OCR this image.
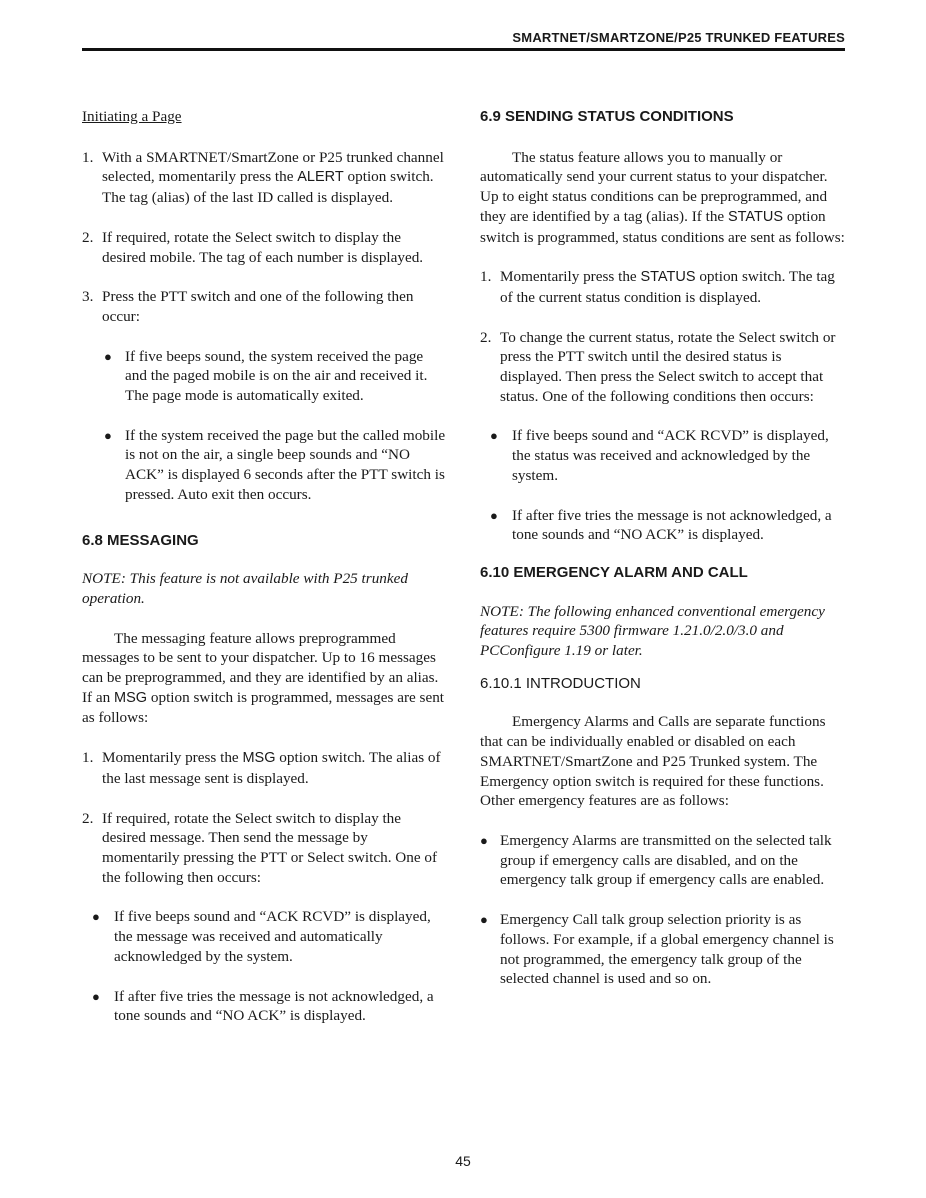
SMARTNET/SMARTZONE/P25 TRUNKED FEATURES

Initiating a Page

1. With a SMARTNET/SmartZone or P25 trunked channel selected, momentarily press the ALERT option switch. The tag (alias) of the last ID called is displayed.
2. If required, rotate the Select switch to display the desired mobile. The tag of each number is displayed.
3. Press the PTT switch and one of the following then occur:
● If five beeps sound, the system received the page and the paged mobile is on the air and received it. The page mode is automatically exited.
● If the system received the page but the called mobile is not on the air, a single beep sounds and “NO ACK” is displayed 6 seconds after the PTT switch is pressed. Auto exit then occurs.
6.8 MESSAGING

NOTE: This feature is not available with P25 trunked operation.

The messaging feature allows preprogrammed messages to be sent to your dispatcher. Up to 16 messages can be preprogrammed, and they are identified by an alias. If an MSG option switch is programmed, messages are sent as follows:

1. Momentarily press the MSG option switch. The alias of the last message sent is displayed.
2. If required, rotate the Select switch to display the desired message. Then send the message by momentarily pressing the PTT or Select switch. One of the following then occurs:
● If five beeps sound and “ACK RCVD” is displayed, the message was received and automatically acknowledged by the system.
● If after five tries the message is not acknowledged, a tone sounds and “NO ACK” is displayed.
6.9 SENDING STATUS CONDITIONS

The status feature allows you to manually or automatically send your current status to your dispatcher. Up to eight status conditions can be preprogrammed, and they are identified by a tag (alias). If the STATUS option switch is programmed, status conditions are sent as follows:

1. Momentarily press the STATUS option switch. The tag of the current status condition is displayed.
2. To change the current status, rotate the Select switch or press the PTT switch until the desired status is displayed. Then press the Select switch to accept that status. One of the following conditions then occurs:
● If five beeps sound and “ACK RCVD” is displayed, the status was received and acknowledged by the system.
● If after five tries the message is not acknowledged, a tone sounds and “NO ACK” is displayed.
6.10 EMERGENCY ALARM AND CALL

NOTE: The following enhanced conventional emergency features require 5300 firmware 1.21.0/2.0/3.0 and PCConfigure 1.19 or later.

6.10.1 INTRODUCTION

Emergency Alarms and Calls are separate functions that can be individually enabled or disabled on each SMARTNET/SmartZone and P25 Trunked system. The Emergency option switch is required for these functions. Other emergency features are as follows:

● Emergency Alarms are transmitted on the selected talk group if emergency calls are disabled, and on the emergency talk group if emergency calls are enabled.
● Emergency Call talk group selection priority is as follows. For example, if a global emergency channel is not programmed, the emergency talk group of the selected channel is used and so on.
45
